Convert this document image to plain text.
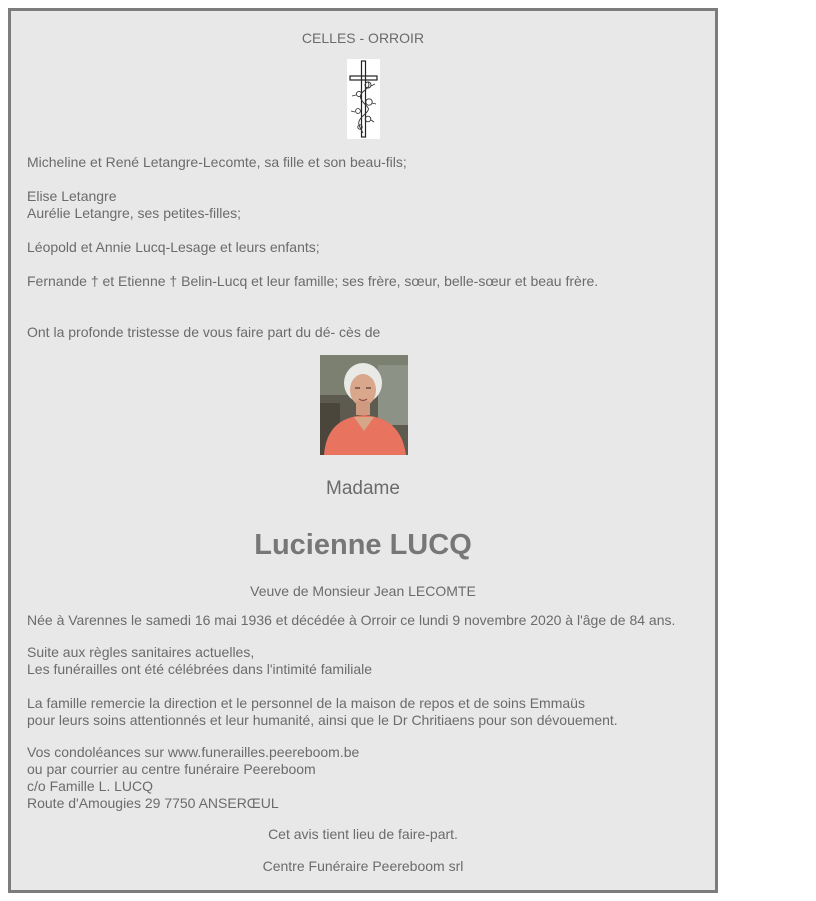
CELLES - ORROIR
Micheline et René Letangre-Lecomte, sa fille et son beau-fils;
Elise Letangre
Aurélie Letangre, ses petites-filles;
Léopold et Annie Lucq-Lesage et leurs enfants;
Fernande † et Etienne † Belin-Lucq et leur famille; ses frère, sœur, belle-sœur et beau frère.
Ont la profonde tristesse de vous faire part du dé- cès de
Madame
Lucienne LUCQ
Veuve de Monsieur Jean LECOMTE
Née à Varennes le samedi 16 mai 1936 et décédée à Orroir ce lundi 9 novembre 2020 à l'âge de 84 ans.
Suite aux règles sanitaires actuelles,
Les funérailles ont été célébrées dans l'intimité familiale
La famille remercie la direction et le personnel de la maison de repos et de soins Emmaüs
pour leurs soins attentionnés et leur humanité, ainsi que le Dr Chritiaens pour son dévouement.
Vos condoléances sur www.funerailles.peereboom.be
ou par courrier au centre funéraire Peereboom
c/o Famille L. LUCQ
Route d'Amougies 29 7750 ANSERŒUL
Cet avis tient lieu de faire-part.
Centre Funéraire Peereboom srl
